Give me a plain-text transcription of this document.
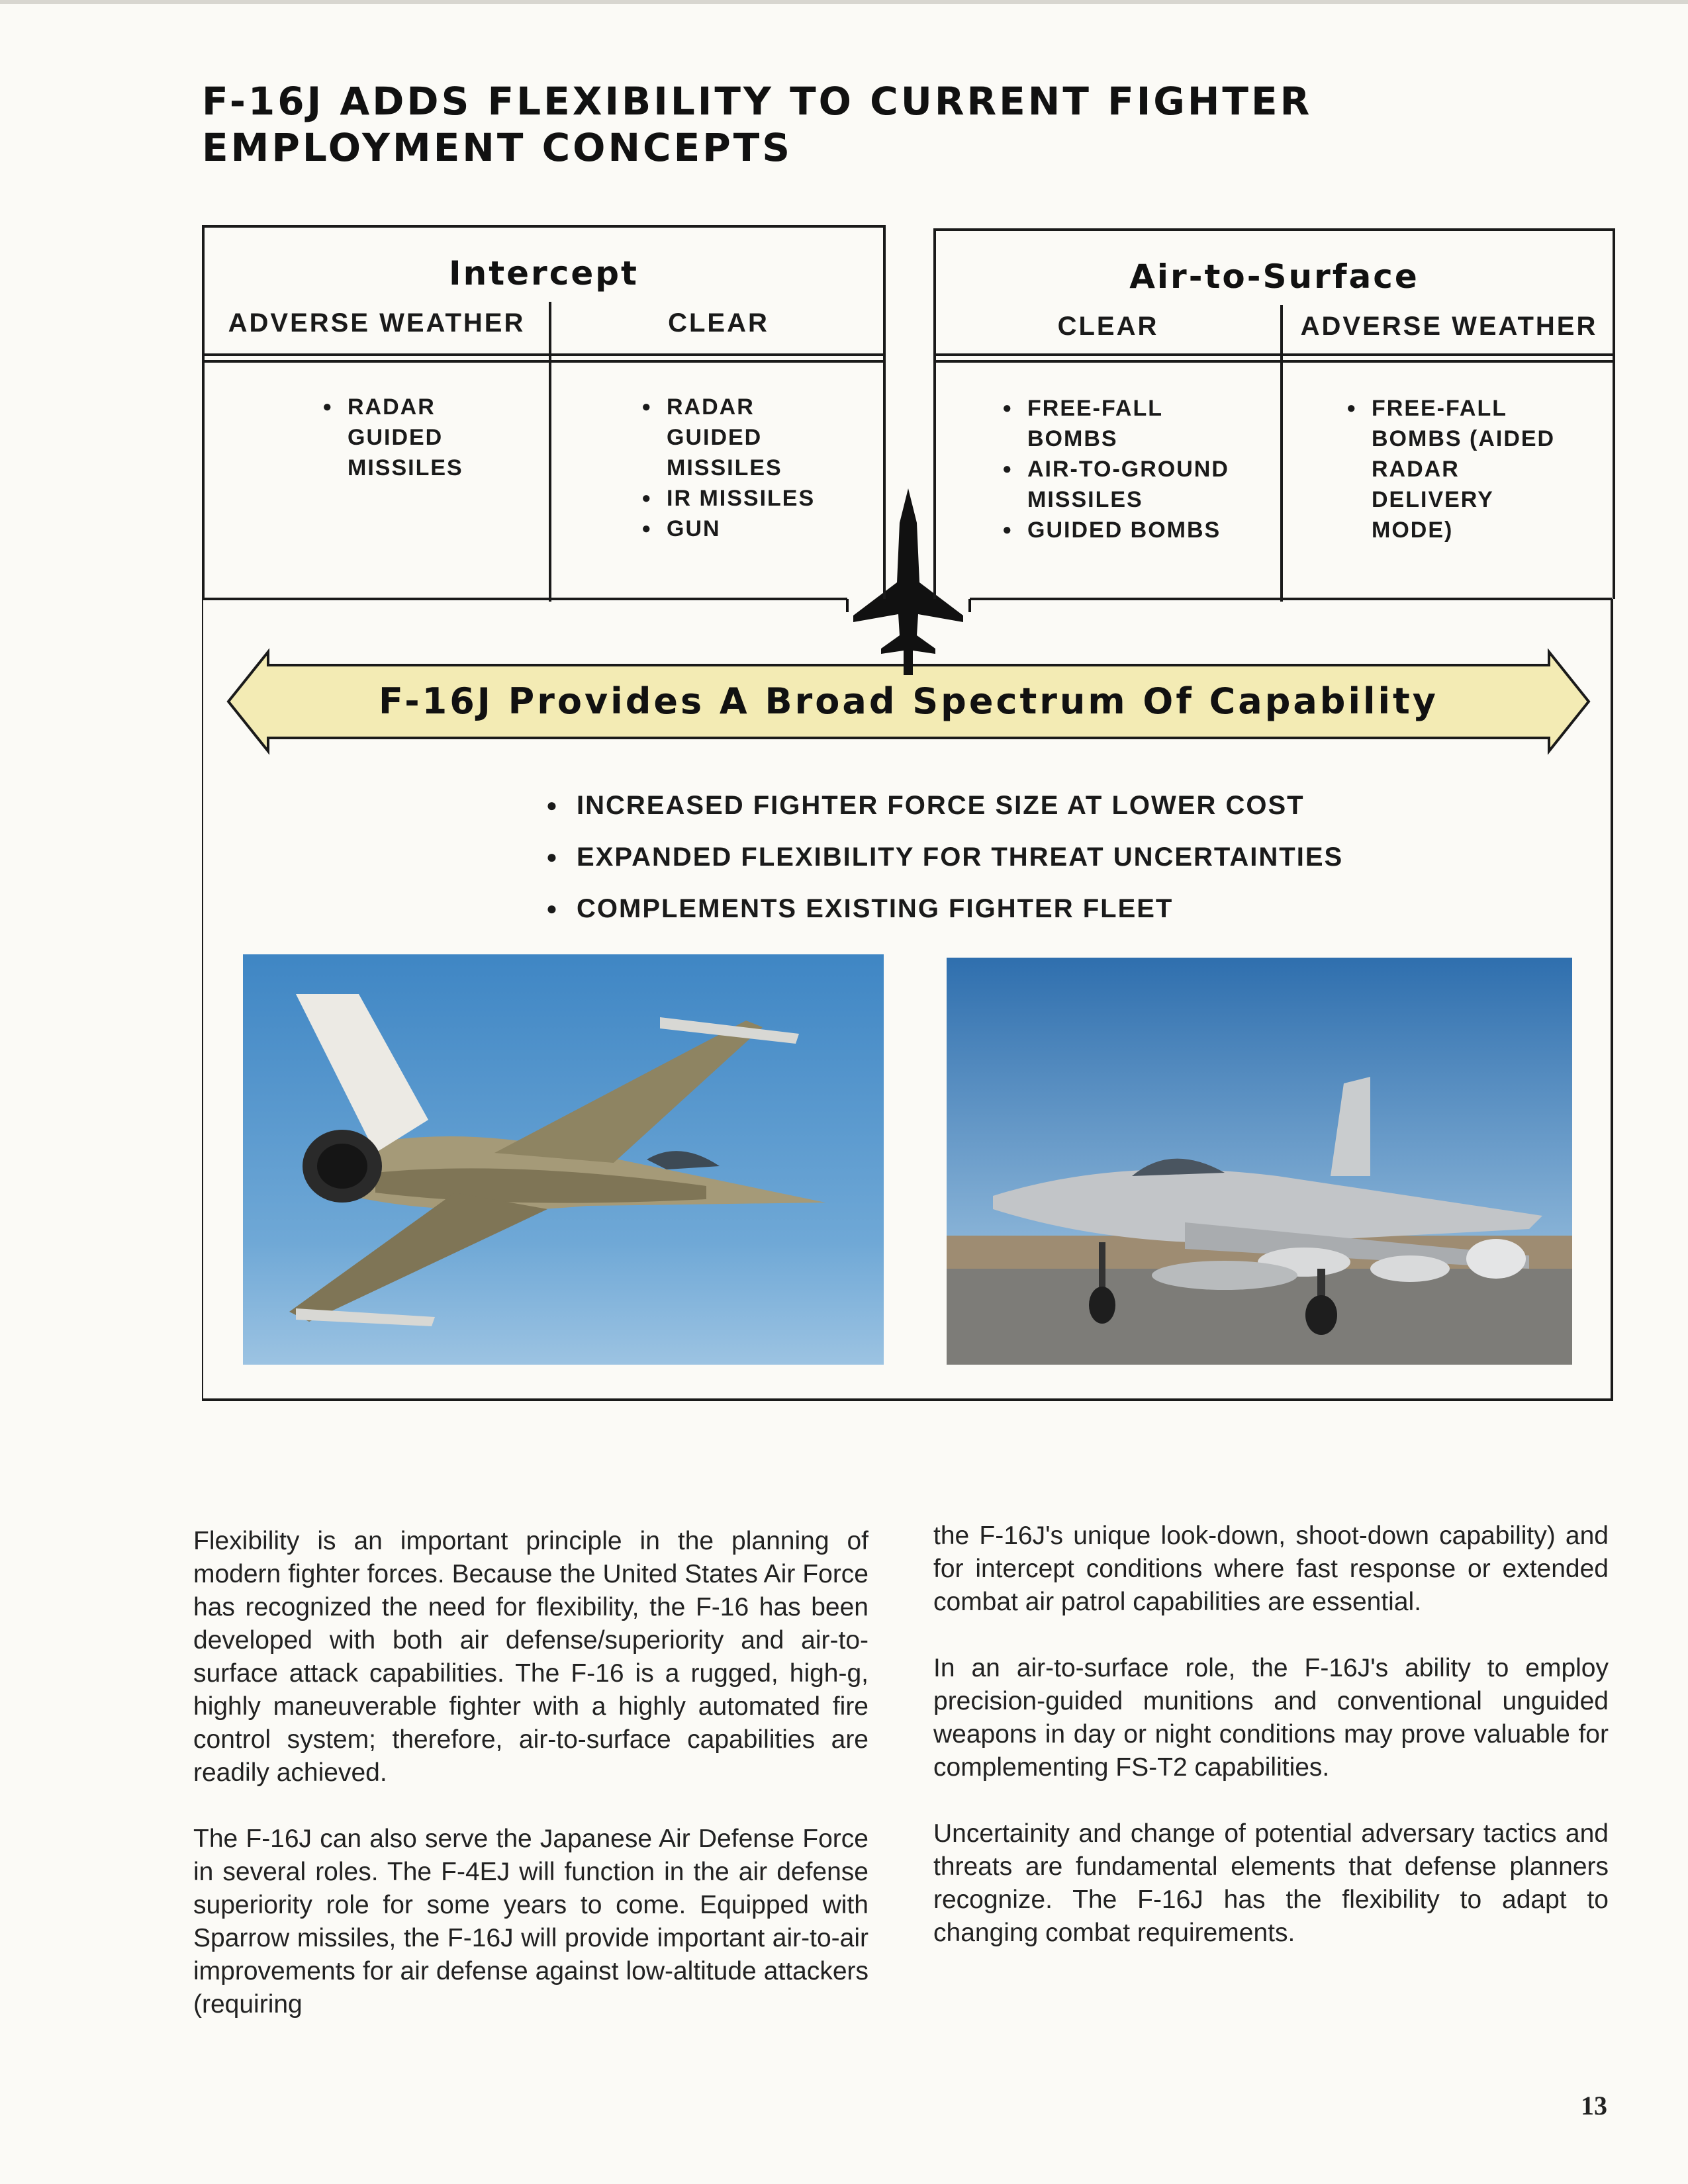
F-16J ADDS FLEXIBILITY TO CURRENT FIGHTER
EMPLOYMENT CONCEPTS
Intercept
ADVERSE WEATHER	CLEAR
● RADAR GUIDED MISSILES
● RADAR GUIDED MISSILES
● IR MISSILES
● GUN
Air-to-Surface
CLEAR	ADVERSE WEATHER
● FREE-FALL BOMBS
● AIR-TO-GROUND MISSILES
● GUIDED BOMBS
● FREE-FALL BOMBS (AIDED RADAR DELIVERY MODE)
F-16J Provides A Broad Spectrum Of Capability
● INCREASED FIGHTER FORCE SIZE AT LOWER COST
● EXPANDED FLEXIBILITY FOR THREAT UNCERTAINTIES
● COMPLEMENTS EXISTING FIGHTER FLEET

Flexibility is an important principle in the planning of modern fighter forces. Because the United States Air Force has recognized the need for flexibility, the F-16 has been developed with both air defense/superiority and air-to-surface attack capabilities. The F-16 is a rugged, high-g, highly maneuverable fighter with a highly automated fire control system; therefore, air-to-surface capabilities are readily achieved.

The F-16J can also serve the Japanese Air Defense Force in several roles. The F-4EJ will function in the air defense superiority role for some years to come. Equipped with Sparrow missiles, the F-16J will provide important air-to-air improvements for air defense against low-altitude attackers (requiring

the F-16J's unique look-down, shoot-down capability) and for intercept conditions where fast response or extended combat air patrol capabilities are essential.

In an air-to-surface role, the F-16J's ability to employ precision-guided munitions and conventional unguided weapons in day or night conditions may prove valuable for complementing FS-T2 capabilities.

Uncertainity and change of potential adversary tactics and threats are fundamental elements that defense planners recognize. The F-16J has the flexibility to adapt to changing combat requirements.

13
